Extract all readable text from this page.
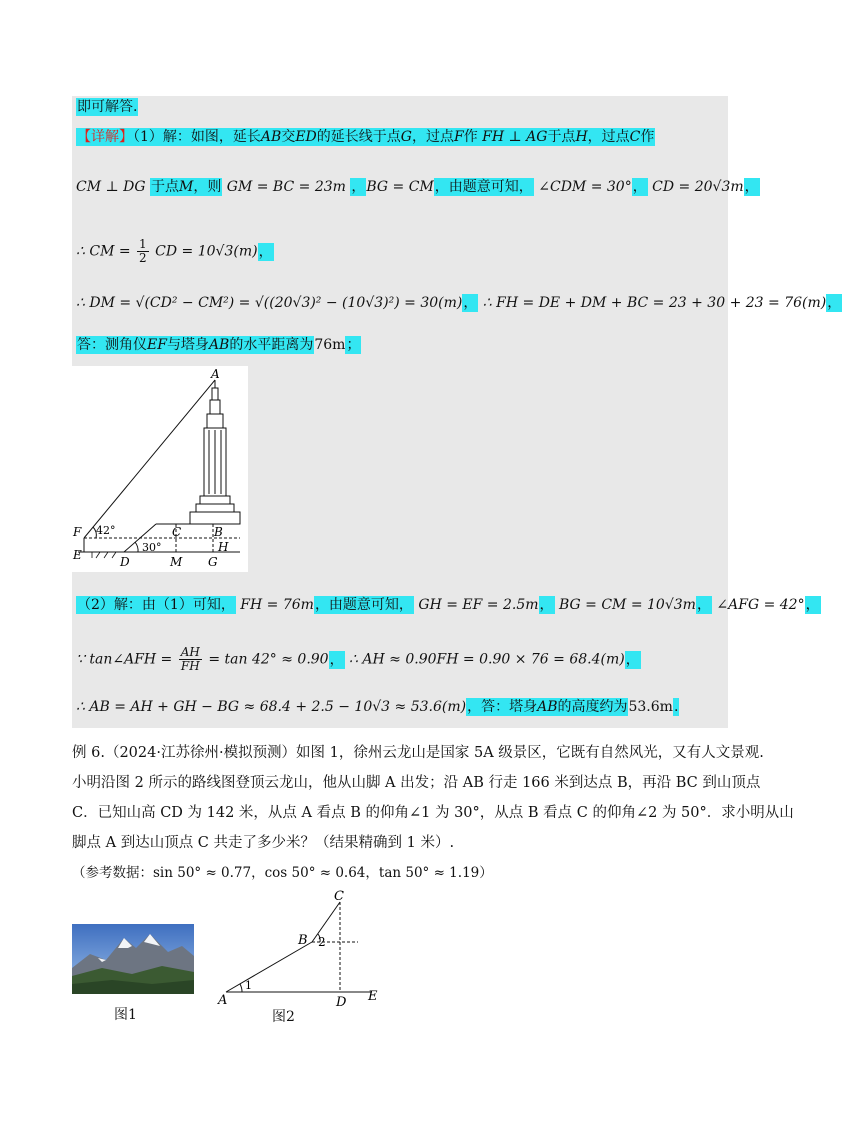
即可解答.
【详解】（1）解：如图，延长AB交ED的延长线于点G，过点F作 FH ⊥ AG于点H，过点C作
CM ⊥ DG 于点M，则 GM = BC = 23m ，BG = CM，由题意可知， ∠CDM = 30°， CD = 20√3m，
∴ CM = $\frac{1}{2}$ CD = 10√3(m)，
∴ DM = √(CD² − CM²) = √((20√3)² − (10√3)²) = 30(m)， ∴ FH = DE + DM + BC = 23 + 30 + 23 = 76(m)，
答：测角仪EF与塔身AB的水平距离为76m；
A
F
E
42°
30°
C	B
H
D	M G
（2）解：由（1）可知， FH = 76m，由题意可知， GH = EF = 2.5m， BG = CM = 10√3m， ∠AFG = 42°，
∵ tan∠AFH = $\frac{AH}{FH} = \tan 42^\circ \approx 0.90$， ∴ AH ≈ 0.90FH = 0.90 × 76 = 68.4(m)，
∴ AB = AH + GH − BG ≈ 68.4 + 2.5 − 10√3 ≈ 53.6(m)，答：塔身AB的高度约为53.6m.
例 6.（2024·江苏徐州·模拟预测）如图 1，徐州云龙山是国家 5A 级景区，它既有自然风光，又有人文景观.
小明沿图 2 所示的路线图登顶云龙山，他从山脚 A 出发；沿 AB 行走 166 米到达点 B，再沿 BC 到山顶点
C．已知山高 CD 为 142 米，从点 A 看点 B 的仰角∠1 为 30°，从点 B 看点 C 的仰角∠2 为 50°．求小明从山
脚点 A 到达山顶点 C 共走了多少米？（结果精确到 1 米）.
（参考数据：sin 50° ≈ 0.77，cos 50° ≈ 0.64，tan 50° ≈ 1.19）
图1
C
B 2
1
A	D E
图2
